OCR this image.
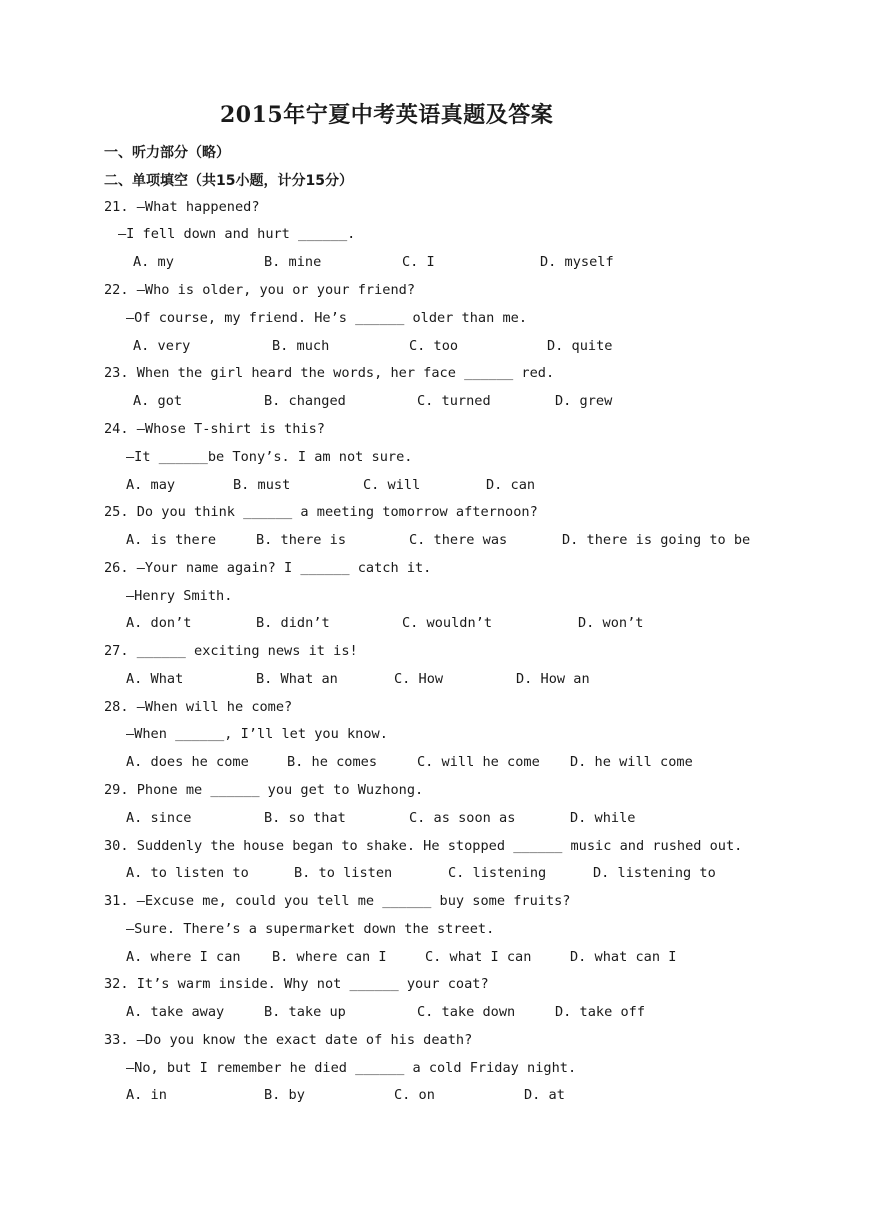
2015年宁夏中考英语真题及答案
一、听力部分（略）
二、单项填空（共15小题，计分15分）
21. —What happened?
—I fell down and hurt ______.
A. my	B. mine	C. I	D. myself
22. —Who is older, you or your friend?
—Of course, my friend. He’s ______ older than me.
A. very	B. much	C. too	D. quite
23. When the girl heard the words, her face ______ red.
A. got	B. changed	C. turned	D. grew
24. —Whose T-shirt is this?
—It ______be Tony’s. I am not sure.
A. may	B. must	C. will	D. can
25. Do you think ______ a meeting tomorrow afternoon?
A. is there	B. there is	C. there was	D. there is going to be
26. —Your name again? I ______ catch it.
—Henry Smith.
A. don’t	B. didn’t	C. wouldn’t	D. won’t
27. ______ exciting news it is!
A. What	B. What an	C. How	D. How an
28. —When will he come?
—When ______, I’ll let you know.
A. does he come	B. he comes	C. will he come D. he will come
29. Phone me ______ you get to Wuzhong.
A. since	B. so that	C. as soon as	D. while
30. Suddenly the house began to shake. He stopped ______ music and rushed out.
A. to listen to	B. to listen	C. listening	D. listening to
31. —Excuse me, could you tell me ______ buy some fruits?
—Sure. There’s a supermarket down the street.
A. where I can B. where can I	C. what I can	D. what can I
32. It’s warm inside. Why not ______ your coat?
A. take away	B. take up	C. take down	D. take off
33. —Do you know the exact date of his death?
—No, but I remember he died ______ a cold Friday night.
A. in	B. by	C. on	D. at
